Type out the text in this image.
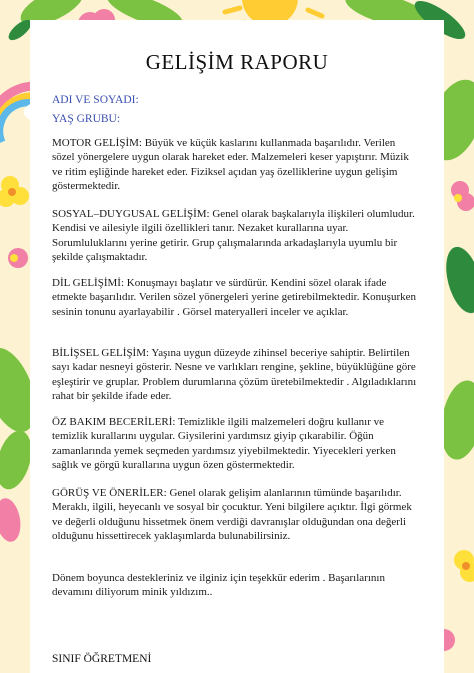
GELİŞİM RAPORU
ADI VE SOYADI:
YAŞ GRUBU:
MOTOR GELİŞİM: Büyük ve küçük kaslarını kullanmada başarılıdır. Verilen sözel yönergelere uygun olarak hareket eder. Malzemeleri keser yapıştırır. Müzik ve ritim eşliğinde hareket eder. Fiziksel açıdan yaş özelliklerine uygun gelişim göstermektedir.
SOSYAL–DUYGUSAL GELİŞİM: Genel olarak başkalarıyla ilişkileri olumludur. Kendisi ve ailesiyle ilgili özellikleri tanır. Nezaket kurallarına uyar. Sorumluluklarını yerine getirir. Grup çalışmalarında arkadaşlarıyla uyumlu bir şekilde çalışmaktadır.
DİL GELİŞİMİ: Konuşmayı başlatır ve sürdürür. Kendini sözel olarak ifade etmekte başarılıdır. Verilen sözel yönergeleri yerine getirebilmektedir. Konuşurken sesinin tonunu ayarlayabilir . Görsel materyalleri inceler ve açıklar.
BİLİŞSEL GELİŞİM: Yaşına uygun düzeyde zihinsel beceriye sahiptir. Belirtilen sayı kadar nesneyi gösterir. Nesne ve varlıkları rengine, şekline, büyüklüğüne göre eşleştirir ve gruplar. Problem durumlarına çözüm üretebilmektedir . Algıladıklarını rahat bir şekilde ifade eder.
ÖZ BAKIM BECERİLERİ: Temizlikle ilgili malzemeleri doğru kullanır ve temizlik kurallarını uygular. Giysilerini yardımsız giyip çıkarabilir. Öğün zamanlarında yemek seçmeden yardımsız yiyebilmektedir. Yiyecekleri yerken sağlık ve görgü kurallarına uygun özen göstermektedir.
GÖRÜŞ VE ÖNERİLER: Genel olarak gelişim alanlarının tümünde başarılıdır. Meraklı, ilgili, heyecanlı ve sosyal bir çocuktur. Yeni bilgilere açıktır. İlgi görmek ve değerli olduğunu hissetmek önem verdiği davranışlar olduğundan ona değerli olduğunu hissettirecek yaklaşımlarda bulunabilirsiniz.
Dönem boyunca destekleriniz ve ilginiz için teşekkür ederim . Başarılarının devamını diliyorum minik yıldızım..
SINIF ÖĞRETMENİ
